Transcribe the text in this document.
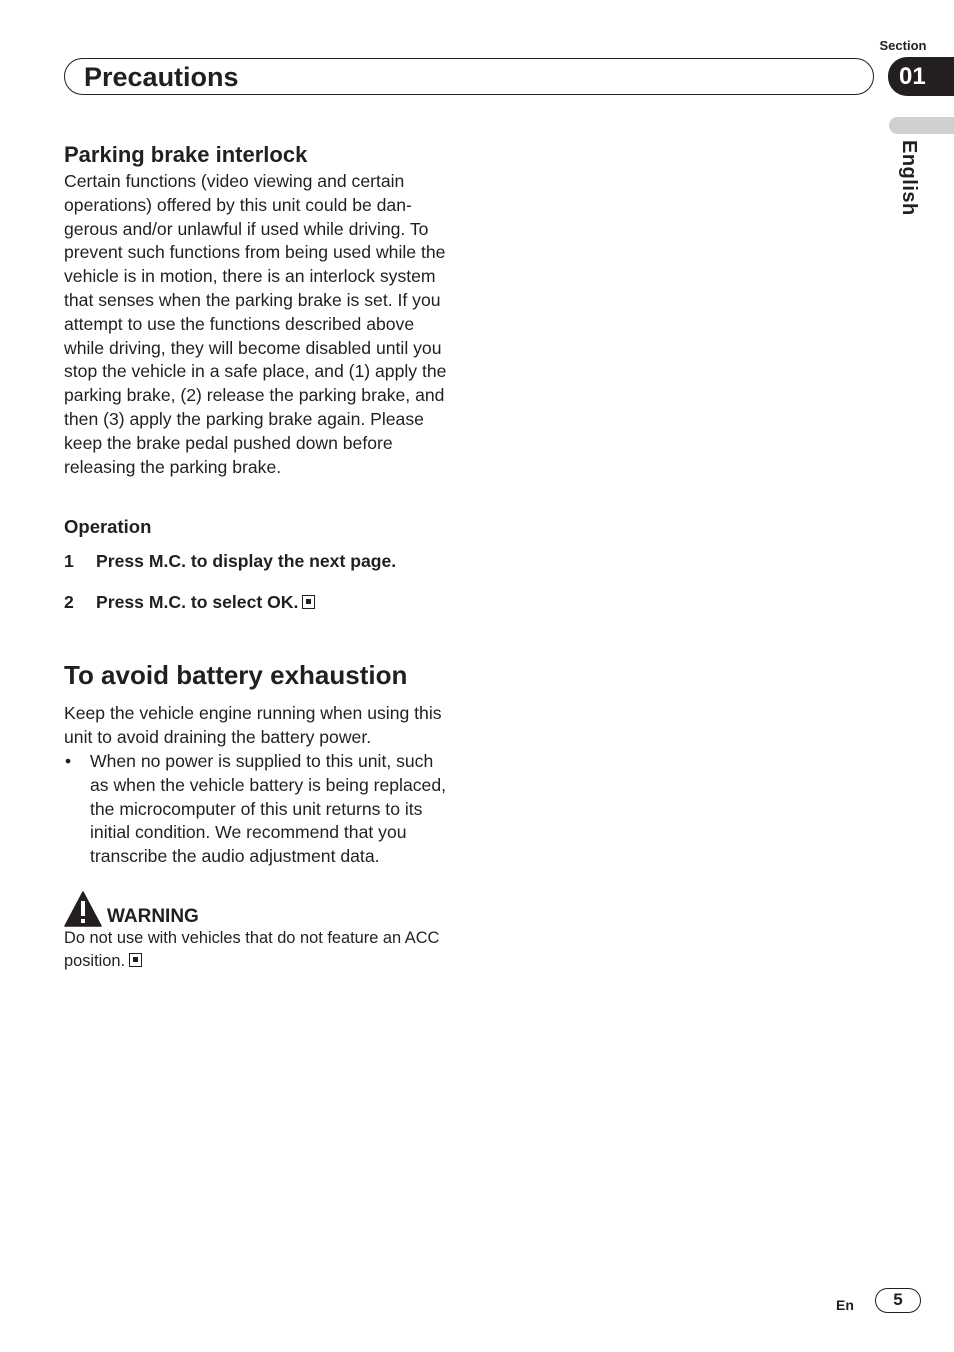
Section
Precautions	01
English
Parking brake interlock

Certain functions (video viewing and certain operations) offered by this unit could be dangerous and/or unlawful if used while driving. To prevent such functions from being used while the vehicle is in motion, there is an interlock system that senses when the parking brake is set. If you attempt to use the functions described above while driving, they will become disabled until you stop the vehicle in a safe place, and (1) apply the parking brake, (2) release the parking brake, and then (3) apply the parking brake again. Please keep the brake pedal pushed down before releasing the parking brake.

Operation
1	Press M.C. to display the next page.
2	Press M.C. to select OK.
To avoid battery exhaustion

Keep the vehicle engine running when using this unit to avoid draining the battery power.

• When no power is supplied to this unit, such as when the vehicle battery is being replaced, the microcomputer of this unit returns to its initial condition. We recommend that you transcribe the audio adjustment data.
WARNING

Do not use with vehicles that do not feature an ACC position.

En	5
